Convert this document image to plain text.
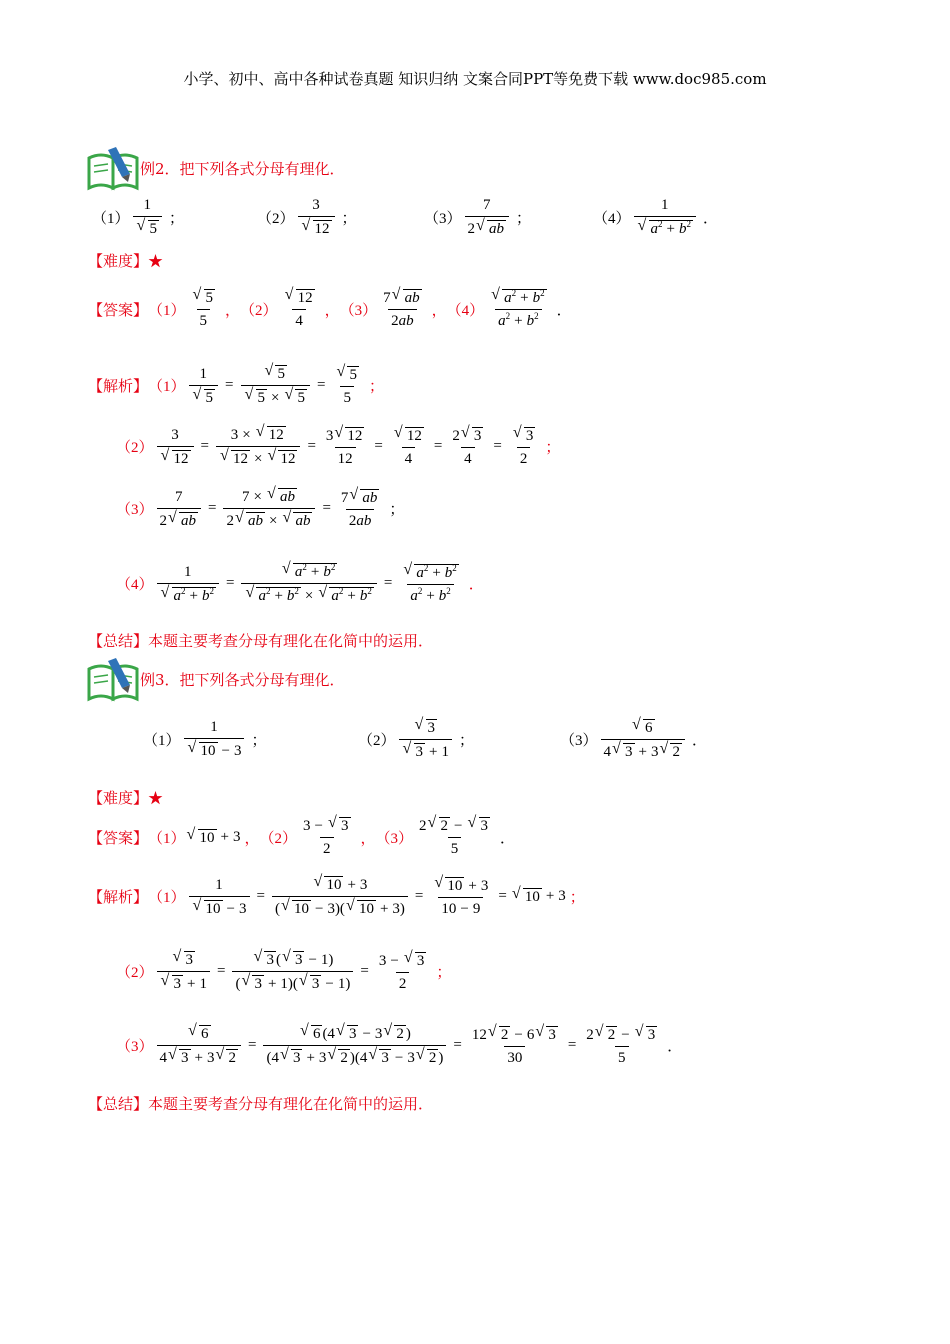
小学、初中、高中各种试卷真题 知识归纳 文案合同PPT等免费下载 www.doc985.com
例2．把下列各式分母有理化．
（1） 1
√ 5 ；	（2） 3
√ 12 ；	$(3) \frac{7}{2 √ ab}$ ；	（4） 1
√ $a^2 + b^2$ ．
【难度】★
【答案】 （1） √ $\frac{5}{5}$ ， （2） √ $\frac{12}{4}$ ， $(3) \frac{7 √ ab}{2ab}$ ， （4） √ $\frac{a^2 + b^2}{a^2 + b^2}$ ．
【解析】 （1） 1
√ 5 = √ 5
√ 5 × √ 5 = √ $\frac{5}{5}$ ；
（2） 3
√ 12 = 3 × √ 12
√ 12 × √ $12 = \frac{3 √ 12}{12}$ = √ $\frac{12}{4} = \frac{2 √ 3}{4}$ = √ $\frac{3}{2}$ ；
$(3) \frac{7}{2 √ ab} = \frac{7 \times √ ab}{2 √ ab \times √ ab} = \frac{7 √ ab}{2ab}$ ；
（4） 1
√ $a^2 + b^2$ = √ $a^2 + b^2$
√ $a^2 + b^2$ × √ $a^2 + b^2$ = √ $\frac{a^2 + b^2}{a^2 + b^2}$ ．
【总结】本题主要考查分母有理化在化简中的运用．
例3．把下列各式分母有理化．
（1） 1
√ 10 − 3 ；	（2） √ 3
√ 3 + 1 ；	（3） √ $\frac{6}{4 √ 3 + 3 √ 2}$ ．
【难度】★
【答案】 （1） √ 10 + 3 ， $(2) \frac{3 - √ 3}{2}$ ， $(3) \frac{2 √ 2 - √ 3}{5}$ ．
【解析】 （1） 1
√ 10 − 3 = √ $\frac{10 + 3}{( √ 10 - 3)( √ 10 + 3)}$ = √ $\frac{10 + 3}{10 - 9}$ =	√ 10 + 3 ；
（2） √ 3
√ 3 + 1 = √ $\frac{3 ( √ 3 - 1)}{( √ 3 + 1)( √ 3 - 1)} = \frac{3 - √ 3}{2}$ ；
（3） √ $\frac{6}{4 √ 3 + 3 √ 2}$ = √ $\frac{6 (4 √ 3 - 3 √ 2 )}{(4 √ 3 + 3 √ 2 )(4 √ 3 - 3 √ 2 )} = \frac{12 √ 2 - 6 √ 3}{30} = \frac{2 √ 2 - √ 3}{5}$ ．
【总结】本题主要考查分母有理化在化简中的运用．
